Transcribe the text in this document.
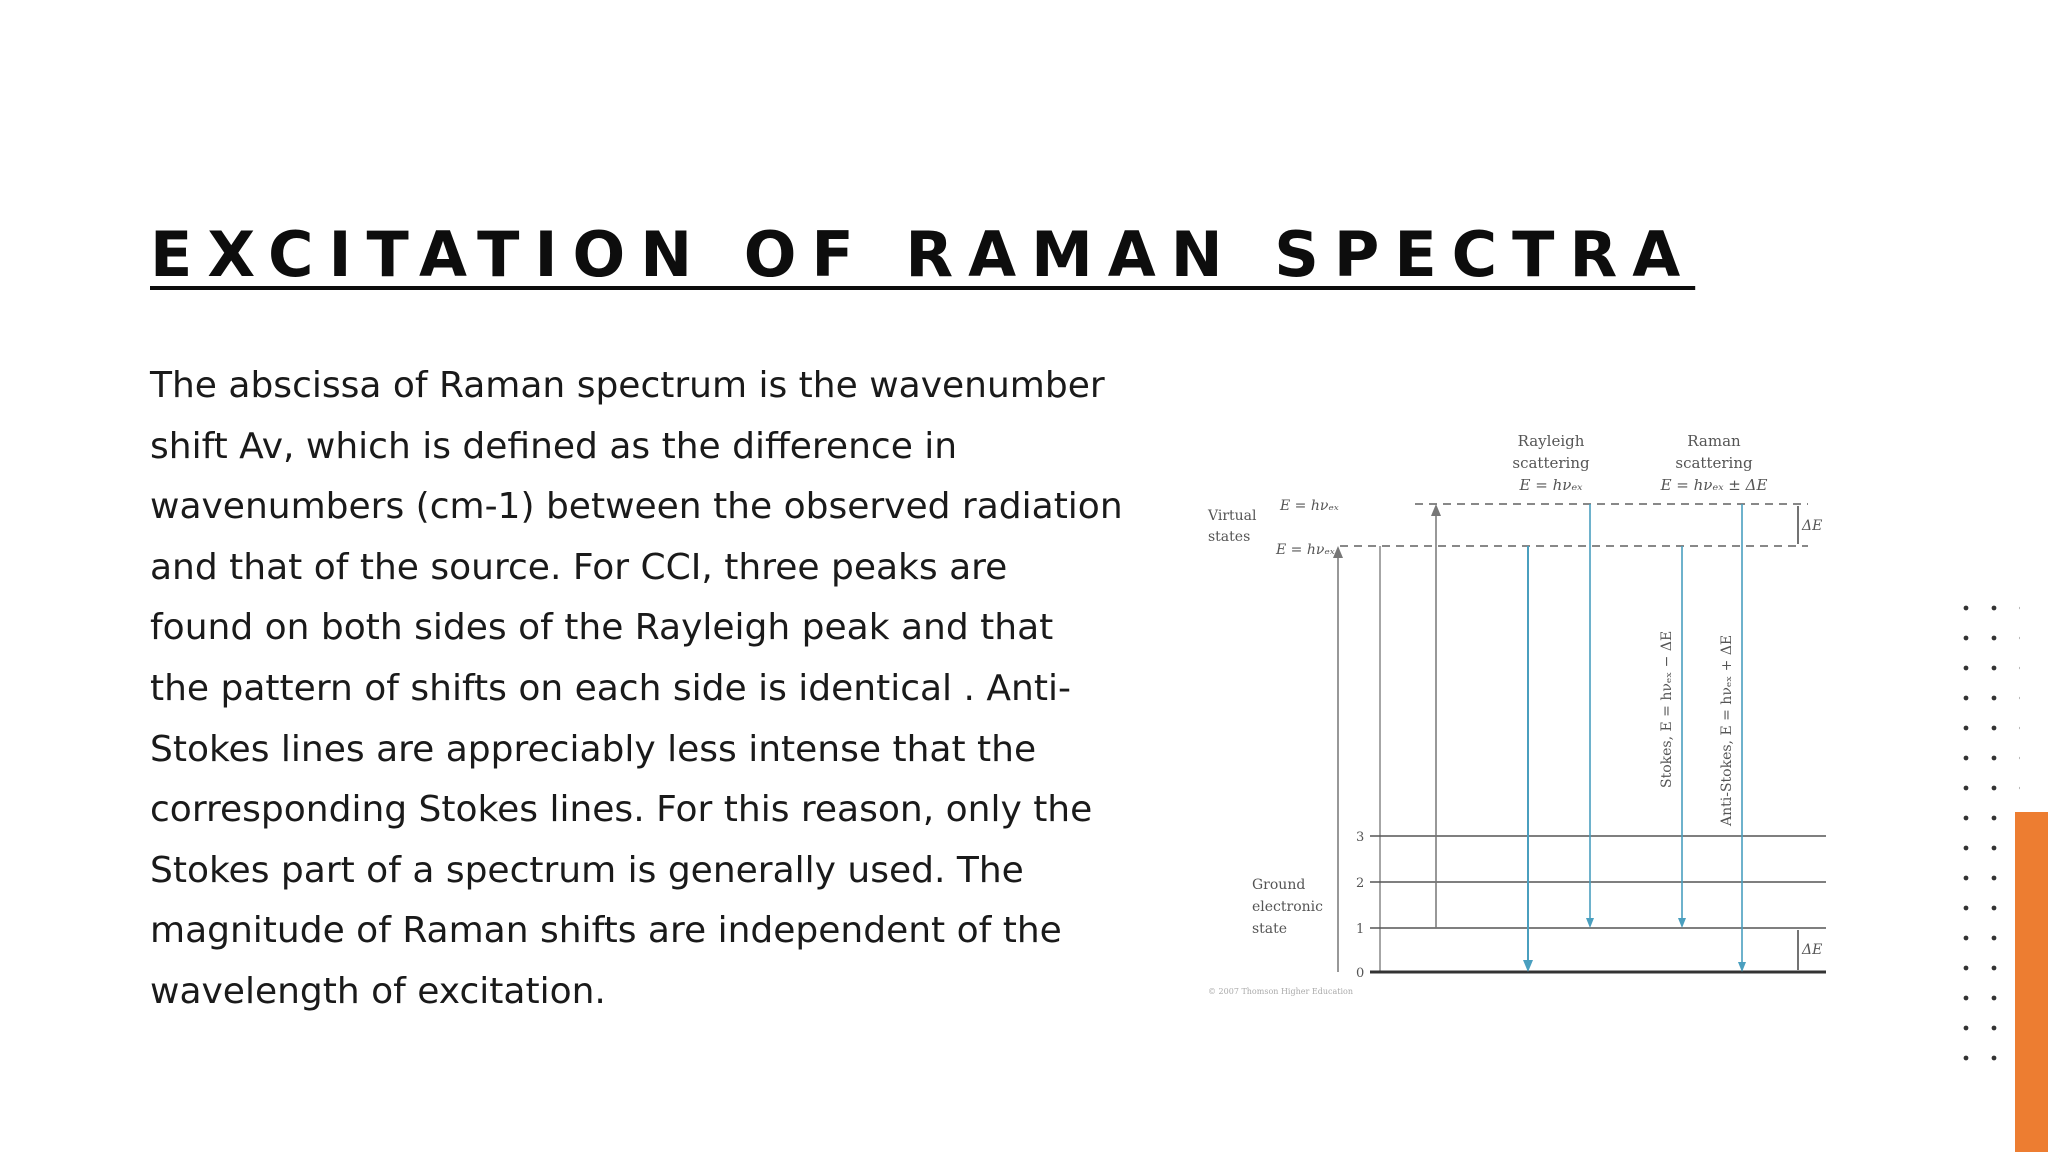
EXCITATION OF RAMAN SPECTRA
The abscissa of Raman spectrum is the wavenumber
shift Av, which is defined as the difference in
wavenumbers (cm-1) between the observed radiation
and that of the source. For CCI, three peaks are
found on both sides of the Rayleigh peak and that
the pattern of shifts on each side is identical . Anti-
Stokes lines are appreciably less intense that the
corresponding Stokes lines. For this reason, only the
Stokes part of a spectrum is generally used. The
magnitude of Raman shifts are independent of the
wavelength of excitation.
Rayleigh
scattering
E = hνₑₓ
Raman
scattering
E = hνₑₓ ± ΔE
Virtual
states
E = hνₑₓ
E = hνₑₓ
ΔE
3
2
1
0
Ground
electronic
state
ΔE
Stokes, E = hνₑₓ − ΔE	Anti-Stokes, E = hνₑₓ + ΔE
© 2007 Thomson Higher Education
